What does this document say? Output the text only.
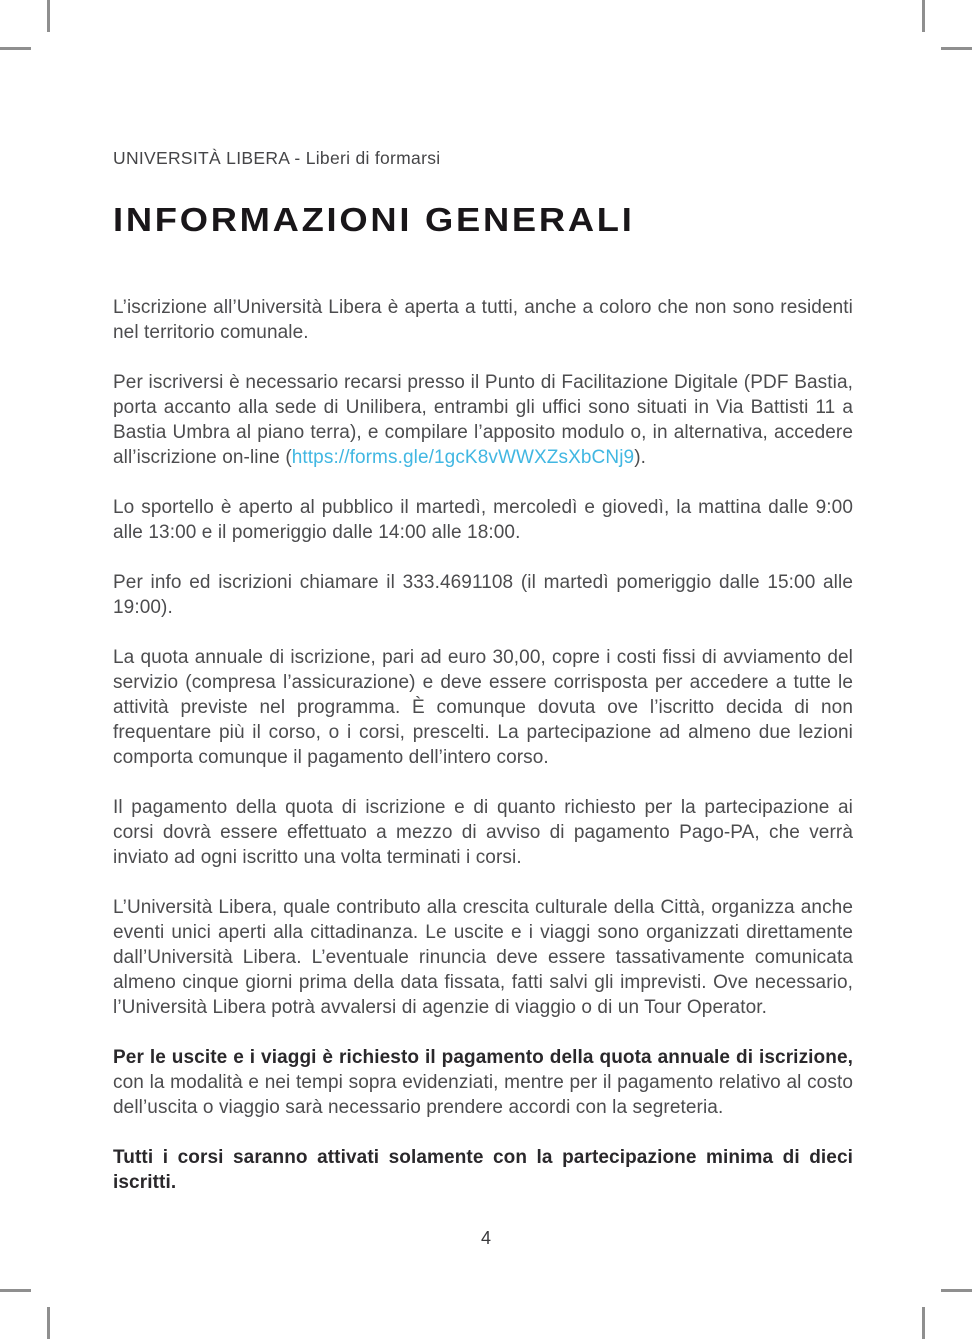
UNIVERSITÀ LIBERA - Liberi di formarsi
INFORMAZIONI GENERALI

L’iscrizione all’Università Libera è aperta a tutti, anche a coloro che non sono residenti nel territorio comunale.

Per iscriversi è necessario recarsi presso il Punto di Facilitazione Digitale (PDF Bastia, porta accanto alla sede di Unilibera, entrambi gli uffici sono situati in Via Battisti 11 a Bastia Umbra al piano terra), e compilare l’apposito modulo o, in alternativa, accedere all’iscrizione on-line (https://forms.gle/1gcK8vWWXZsXbCNj9).

Lo sportello è aperto al pubblico il martedì, mercoledì e giovedì, la mattina dalle 9:00 alle 13:00 e il pomeriggio dalle 14:00 alle 18:00.

Per info ed iscrizioni chiamare il 333.4691108 (il martedì pomeriggio dalle 15:00 alle 19:00).

La quota annuale di iscrizione, pari ad euro 30,00, copre i costi fissi di avviamento del servizio (compresa l’assicurazione) e deve essere corrisposta per accedere a tutte le attività previste nel programma. È comunque dovuta ove l’iscritto decida di non frequentare più il corso, o i corsi, prescelti. La partecipazione ad almeno due lezioni comporta comunque il pagamento dell’intero corso.

Il pagamento della quota di iscrizione e di quanto richiesto per la partecipazione ai corsi dovrà essere effettuato a mezzo di avviso di pagamento Pago-PA, che verrà inviato ad ogni iscritto una volta terminati i corsi.

L’Università Libera, quale contributo alla crescita culturale della Città, organizza anche eventi unici aperti alla cittadinanza. Le uscite e i viaggi sono organizzati direttamente dall’Università Libera. L’eventuale rinuncia deve essere tassativamente comunicata almeno cinque giorni prima della data fissata, fatti salvi gli imprevisti. Ove necessario, l’Università Libera potrà avvalersi di agenzie di viaggio o di un Tour Operator.

Per le uscite e i viaggi è richiesto il pagamento della quota annuale di iscrizione, con la modalità e nei tempi sopra evidenziati, mentre per il pagamento relativo al costo dell’uscita o viaggio sarà necessario prendere accordi con la segreteria.

Tutti i corsi saranno attivati solamente con la partecipazione minima di dieci iscritti.

4
